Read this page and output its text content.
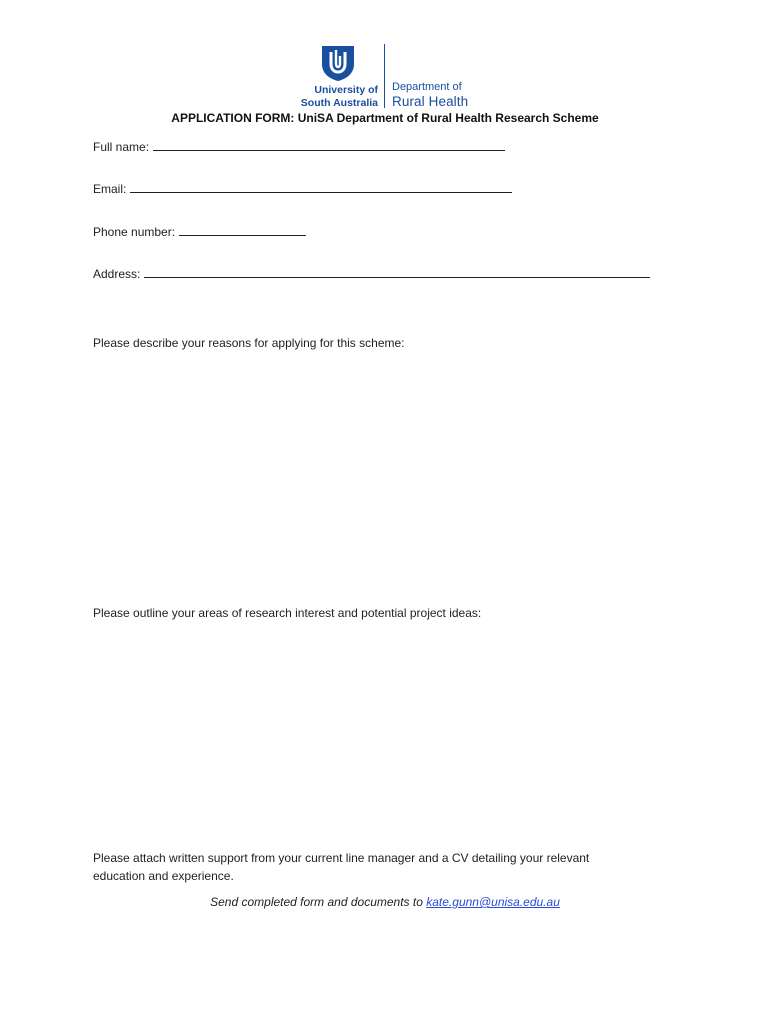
University of
South Australia
Department of
Rural Health
APPLICATION FORM: UniSA Department of Rural Health Research Scheme
Full name:
Email:
Phone number:
Address:
Please describe your reasons for applying for this scheme:
Please outline your areas of research interest and potential project ideas:
Please attach written support from your current line manager and a CV detailing your relevant
education and experience.
Send completed form and documents to kate.gunn@unisa.edu.au
